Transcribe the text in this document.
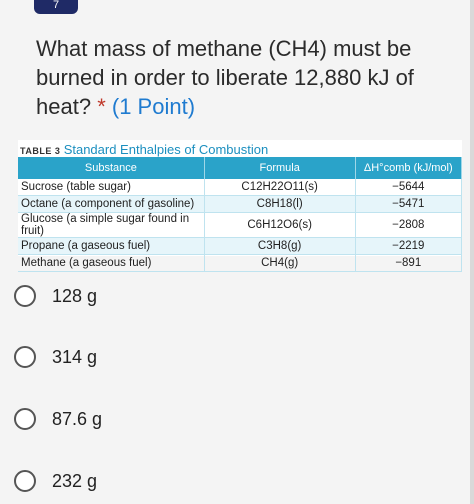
7
What mass of methane (CH4) must be burned in order to liberate 12,880 kJ of heat? * (1 Point)
TABLE 3 Standard Enthalpies of Combustion
Substance	Formula	ΔH°comb (kJ/mol)
Sucrose (table sugar)	C12H22O11(s)	−5644
Octane (a component of gasoline)	C8H18(l)	−5471
Glucose (a simple sugar found in fruit)	C6H12O6(s)	−2808
Propane (a gaseous fuel)	C3H8(g)	−2219
Methane (a gaseous fuel)	CH4(g)	−891
128 g
314 g
87.6 g
232 g
